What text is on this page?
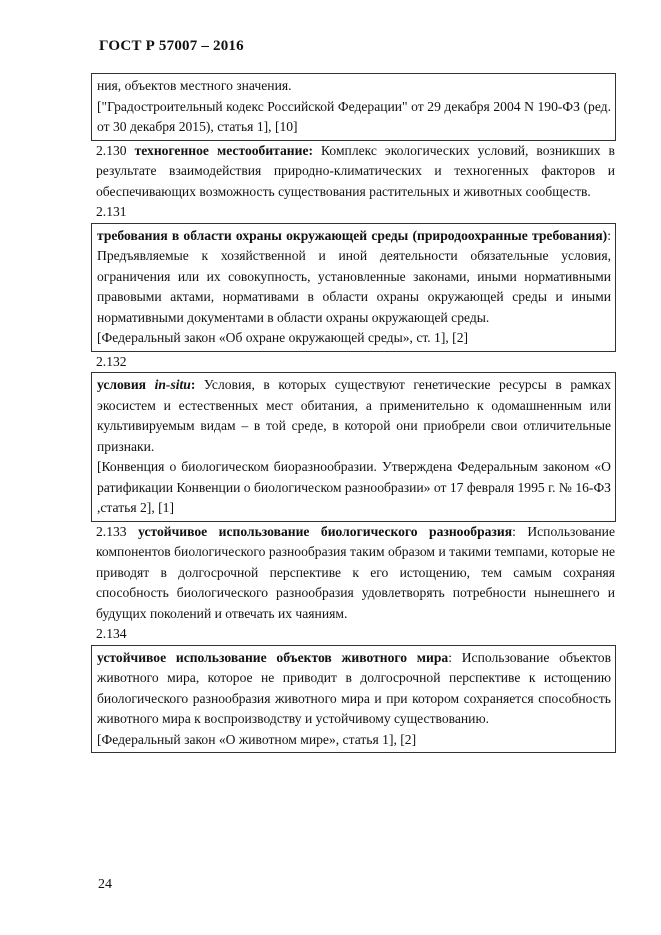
ГОСТ Р 57007 – 2016

ния, объектов местного значения.

["Градостроительный кодекс Российской Федерации" от 29 декабря 2004 N 190-ФЗ (ред. от 30 декабря 2015), статья 1], [10]

2.130 техногенное местообитание: Комплекс экологических условий, возникших в результате взаимодействия природно-климатических и техногенных факторов и обеспечивающих возможность существования растительных и животных сообществ.

2.131

требования в области охраны окружающей среды (природоохранные требования): Предъявляемые к хозяйственной и иной деятельности обязательные условия, ограничения или их совокупность, установленные законами, иными нормативными правовыми актами, нормативами в области охраны окружающей среды и иными нормативными документами в области охраны окружающей среды.

[Федеральный закон «Об охране окружающей среды», ст. 1], [2]

2.132

условия in-situ: Условия, в которых существуют генетические ресурсы в рамках экосистем и естественных мест обитания, а применительно к одомашненным или культивируемым видам – в той среде, в которой они приобрели свои отличительные признаки.

[Конвенция о биологическом биоразнообразии. Утверждена Федеральным законом «О ратификации Конвенции о биологическом разнообразии» от 17 февраля 1995 г. № 16-ФЗ ,статья 2], [1]

2.133 устойчивое использование биологического разнообразия: Использование компонентов биологического разнообразия таким образом и такими темпами, которые не приводят в долгосрочной перспективе к его истощению, тем самым сохраняя способность биологического разнообразия удовлетворять потребности нынешнего и будущих поколений и отвечать их чаяниям.

2.134

устойчивое использование объектов животного мира: Использование объектов животного мира, которое не приводит в долгосрочной перспективе к истощению биологического разнообразия животного мира и при котором сохраняется способность животного мира к воспроизводству и устойчивому существованию.

[Федеральный закон «О животном мире», статья 1], [2]

24
